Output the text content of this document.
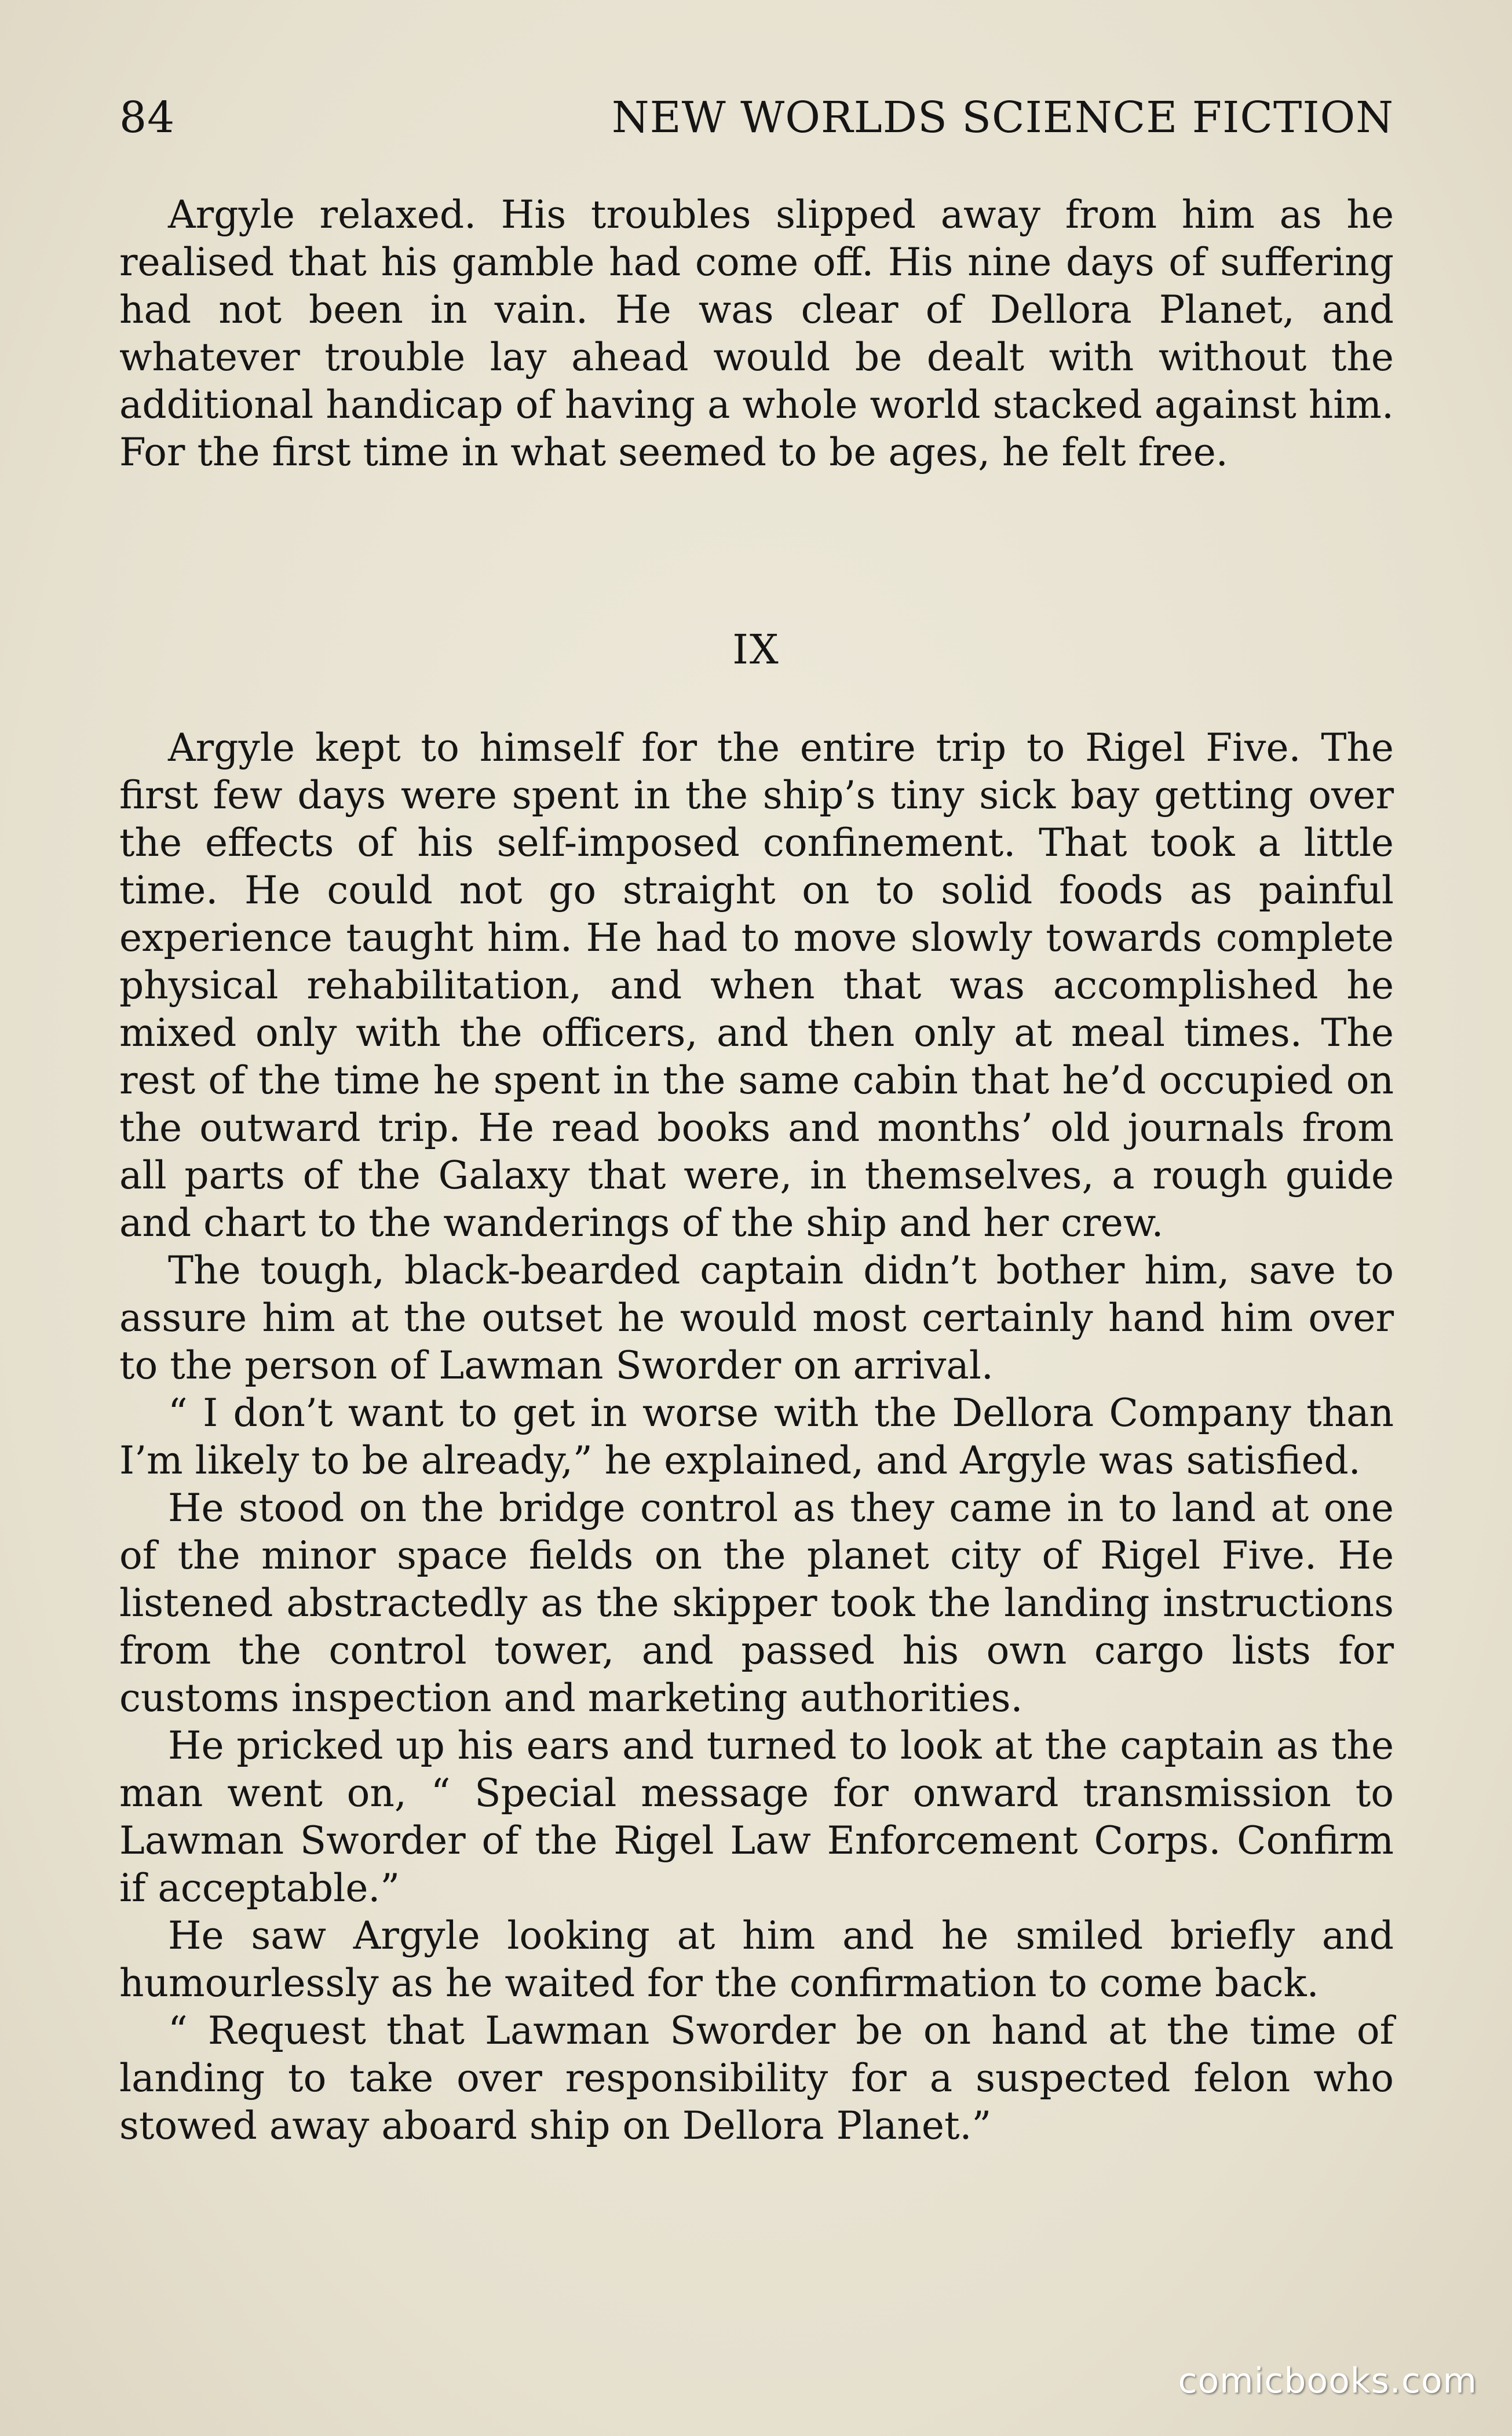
84	NEW WORLDS SCIENCE FICTION

Argyle relaxed. His troubles slipped away from him as he realised that his gamble had come off. His nine days of suffering had not been in vain. He was clear of Dellora Planet, and whatever trouble lay ahead would be dealt with without the additional handicap of having a whole world stacked against him. For the first time in what seemed to be ages, he felt free.

IX

Argyle kept to himself for the entire trip to Rigel Five. The first few days were spent in the ship’s tiny sick bay getting over the effects of his self-imposed confinement. That took a little time. He could not go straight on to solid foods as painful experience taught him. He had to move slowly towards complete physical rehabilitation, and when that was accomplished he mixed only with the officers, and then only at meal times. The rest of the time he spent in the same cabin that he’d occupied on the outward trip. He read books and months’ old journals from all parts of the Galaxy that were, in themselves, a rough guide and chart to the wanderings of the ship and her crew.

The tough, black-bearded captain didn’t bother him, save to assure him at the outset he would most certainly hand him over to the person of Lawman Sworder on arrival.

“ I don’t want to get in worse with the Dellora Company than I’m likely to be already,” he explained, and Argyle was satisfied.

He stood on the bridge control as they came in to land at one of the minor space fields on the planet city of Rigel Five. He listened abstractedly as the skipper took the landing instructions from the control tower, and passed his own cargo lists for customs inspection and marketing authorities.

He pricked up his ears and turned to look at the captain as the man went on, “ Special message for onward transmission to Lawman Sworder of the Rigel Law Enforcement Corps. Confirm if acceptable.”

He saw Argyle looking at him and he smiled briefly and humourlessly as he waited for the confirmation to come back.

“ Request that Lawman Sworder be on hand at the time of landing to take over responsibility for a suspected felon who stowed away aboard ship on Dellora Planet.”

comicbooks.com
